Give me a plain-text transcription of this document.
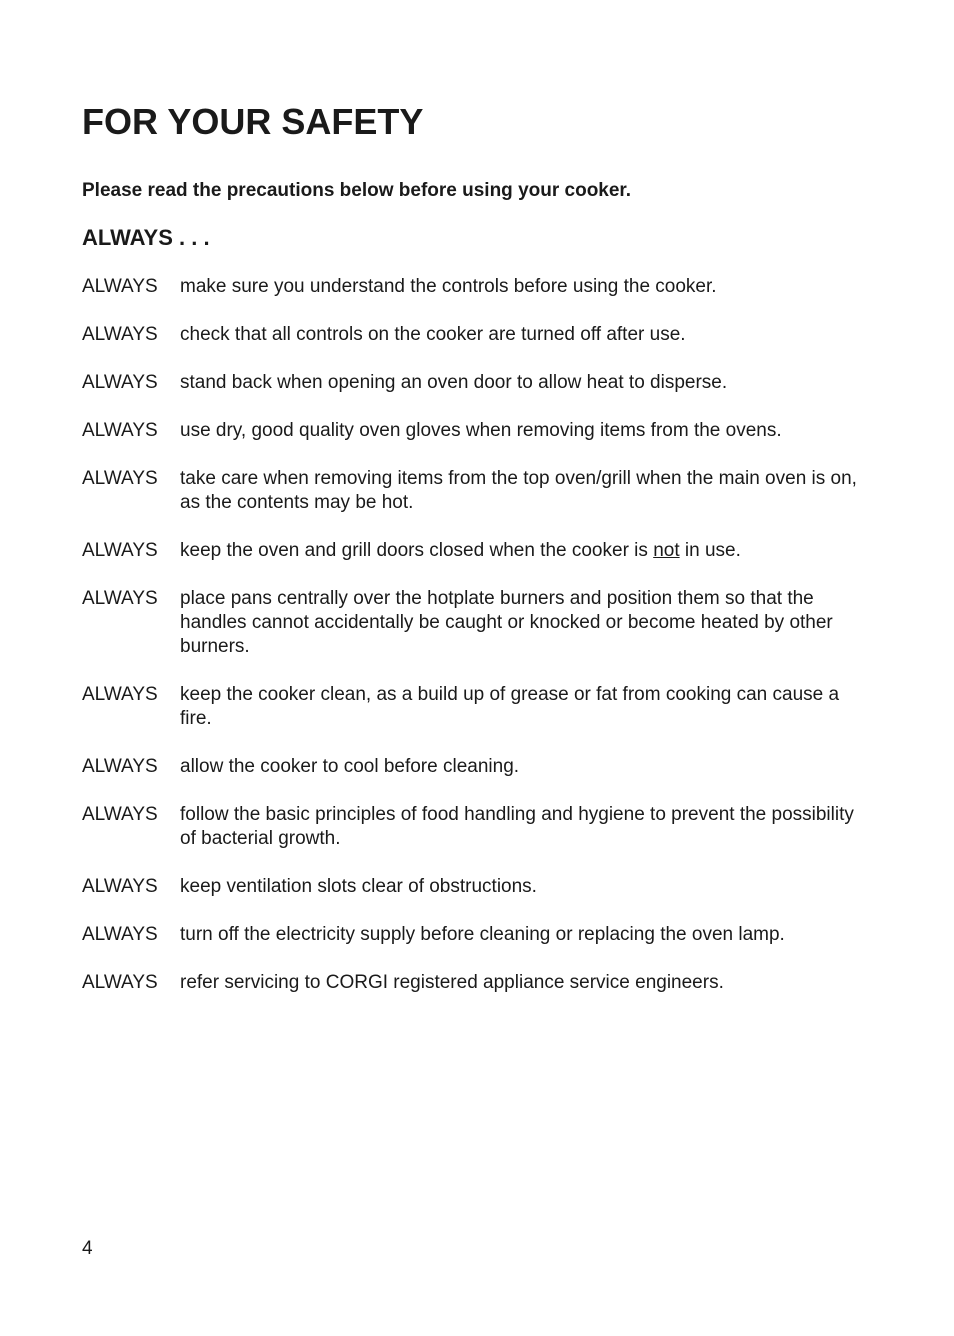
FOR YOUR SAFETY

Please read the precautions below before using your cooker.

ALWAYS . . .
ALWAYS	make sure you understand the controls before using the cooker.
ALWAYS	check that all controls on the cooker are turned off after use.
ALWAYS	stand back when opening an oven door to allow heat to disperse.
ALWAYS	use dry, good quality oven gloves when removing items from the ovens.
ALWAYS	take care when removing items from the top oven/grill when the main oven is on, as the contents may be hot.
ALWAYS	keep the oven and grill doors closed when the cooker is not in use.
ALWAYS	place pans centrally over the hotplate burners and position them so that the handles cannot accidentally be caught or knocked or become heated by other burners.
ALWAYS	keep the cooker clean, as a build up of grease or fat from cooking can cause a fire.
ALWAYS	allow the cooker to cool before cleaning.
ALWAYS	follow the basic principles of food handling and hygiene to prevent the possibility of bacterial growth.
ALWAYS	keep ventilation slots clear of obstructions.
ALWAYS	turn off the electricity supply before cleaning or replacing the oven lamp.
ALWAYS	refer servicing to CORGI registered appliance service engineers.

4
